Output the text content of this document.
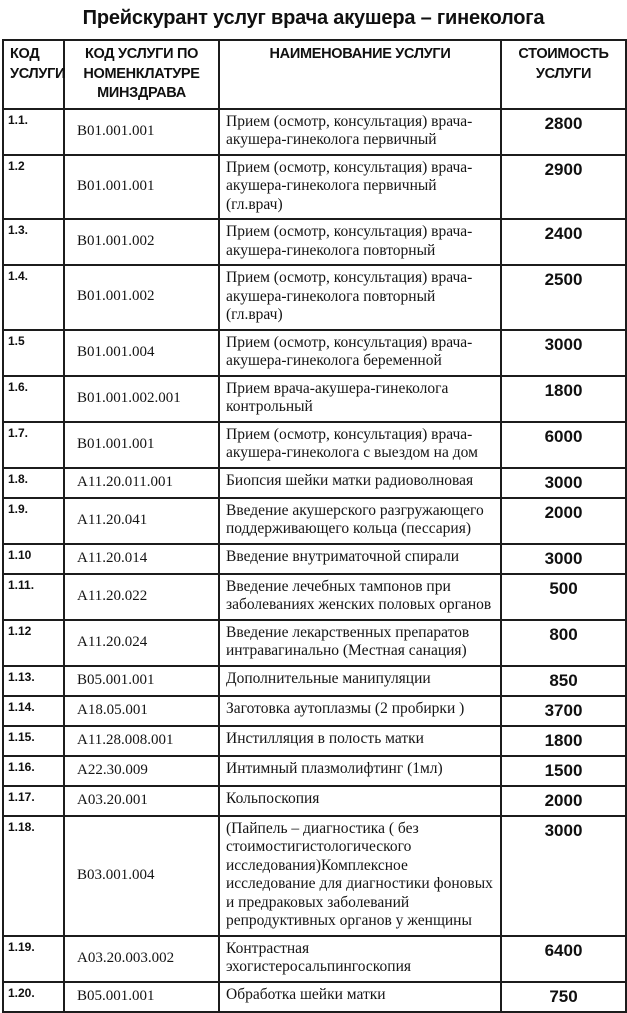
Прейскурант услуг врача акушера – гинеколога
КОД УСЛУГИ	КОД УСЛУГИ ПО НОМЕНКЛАТУРЕ МИНЗДРАВА	НАИМЕНОВАНИЕ УСЛУГИ	СТОИМОСТЬ УСЛУГИ
1.1.	В01.001.001	Прием (осмотр, консультация) врача-акушера-гинеколога первичный	2800
1.2	В01.001.001	Прием (осмотр, консультация) врача-акушера-гинеколога первичный (гл.врач)	2900
1.3.	В01.001.002	Прием (осмотр, консультация) врача-акушера-гинеколога повторный	2400
1.4.	В01.001.002	Прием (осмотр, консультация) врача-акушера-гинеколога повторный (гл.врач)	2500
1.5	В01.001.004	Прием (осмотр, консультация) врача-акушера-гинеколога беременной	3000
1.6.	В01.001.002.001	Прием врача-акушера-гинеколога контрольный	1800
1.7.	В01.001.001	Прием (осмотр, консультация) врача-акушера-гинеколога с выездом на дом	6000
1.8.	А11.20.011.001	Биопсия шейки матки радиоволновая	3000
1.9.	А11.20.041	Введение акушерского разгружающего поддерживающего кольца (пессария)	2000
1.10	А11.20.014	Введение внутриматочной спирали	3000
1.11.	А11.20.022	Введение лечебных тампонов при заболеваниях женских половых органов	500
1.12	А11.20.024	Введение лекарственных препаратов интравагинально (Местная санация)	800
1.13.	В05.001.001	Дополнительные манипуляции	850
1.14.	А18.05.001	Заготовка аутоплазмы (2 пробирки )	3700
1.15.	А11.28.008.001	Инстилляция в полость матки	1800
1.16.	А22.30.009	Интимный плазмолифтинг (1мл)	1500
1.17.	А03.20.001	Кольпоскопия	2000
1.18.	В03.001.004	(Пайпель – диагностика ( без стоимостигистологического исследования)Комплексное исследование для диагностики фоновых и предраковых заболеваний репродуктивных органов у женщины	3000
1.19.	А03.20.003.002	Контрастная эхогистеросальпингоскопия	6400
1.20.	В05.001.001	Обработка шейки матки	750
